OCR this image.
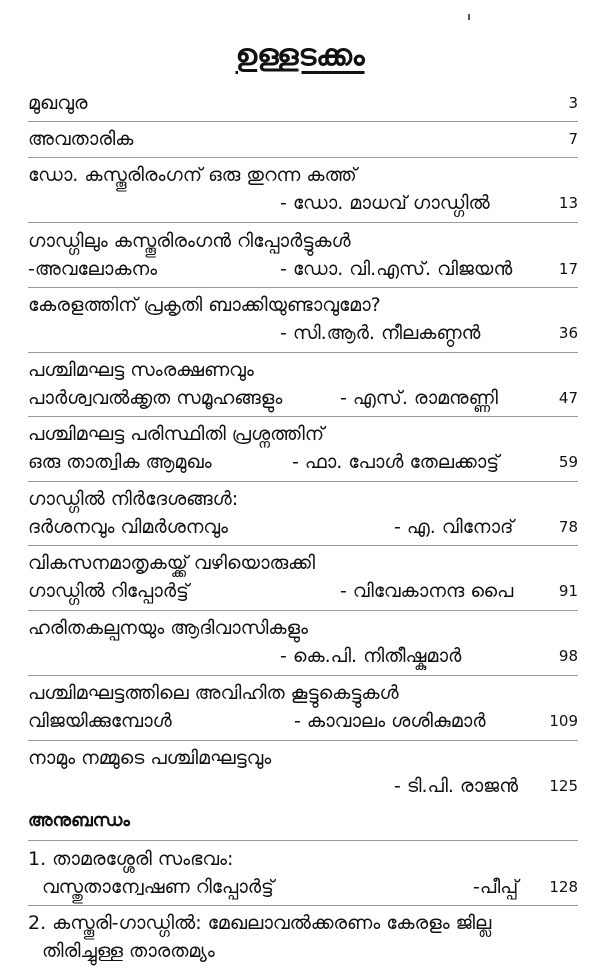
ഉള്ളടക്കം
മുഖവുര	3
അവതാരിക	7
ഡോ. കസ്തൂരിരംഗന് ഒരു തുറന്ന കത്ത്
- ഡോ. മാധവ് ഗാഡ്ഗിൽ	13
ഗാഡ്ഗിലും കസ്തൂരിരംഗൻ റിപ്പോർട്ടുകൾ
-അവലോകനം	- ഡോ. വി.എസ്. വിജയൻ	17
കേരളത്തിന് പ്രകൃതി ബാക്കിയുണ്ടാവുമോ?
- സി.ആർ. നീലകണ്ഠൻ	36
പശ്ചിമഘട്ട സംരക്ഷണവും
പാർശ്വവൽക്കൃത സമൂഹങ്ങളും	- എസ്. രാമനുണ്ണി	47
പശ്ചിമഘട്ട പരിസ്ഥിതി പ്രശ്നത്തിന്
ഒരു താത്വിക ആമുഖം	- ഫാ. പോൾ തേലക്കാട്ട്	59
ഗാഡ്ഗിൽ നിർദേശങ്ങൾ:
ദർശനവും വിമർശനവും	- എ. വിനോദ്	78
വികസനമാതൃകയ്ക്ക് വഴിയൊരുക്കി
ഗാഡ്ഗിൽ റിപ്പോർട്ട്	- വിവേകാനന്ദ പൈ	91
ഹരിതകല്പനയും ആദിവാസികളും
- കെ.പി. നിതീഷ്കുമാർ	98
പശ്ചിമഘട്ടത്തിലെ അവിഹിത കൂട്ടുകെട്ടുകൾ
വിജയിക്കുമ്പോൾ	- കാവാലം ശശികുമാർ	109
നാമും നമ്മുടെ പശ്ചിമഘട്ടവും
- ടി.പി. രാജൻ 125
അനുബന്ധം
1. താമരശ്ശേരി സംഭവം:
വസ്തുതാന്വേഷണ റിപ്പോർട്ട്	-പീപ്പ് 128
2. കസ്തൂരി-ഗാഡ്ഗിൽ: മേഖലാവൽക്കരണം കേരളം ജില്ല
തിരിച്ചുള്ള താരതമ്യം
